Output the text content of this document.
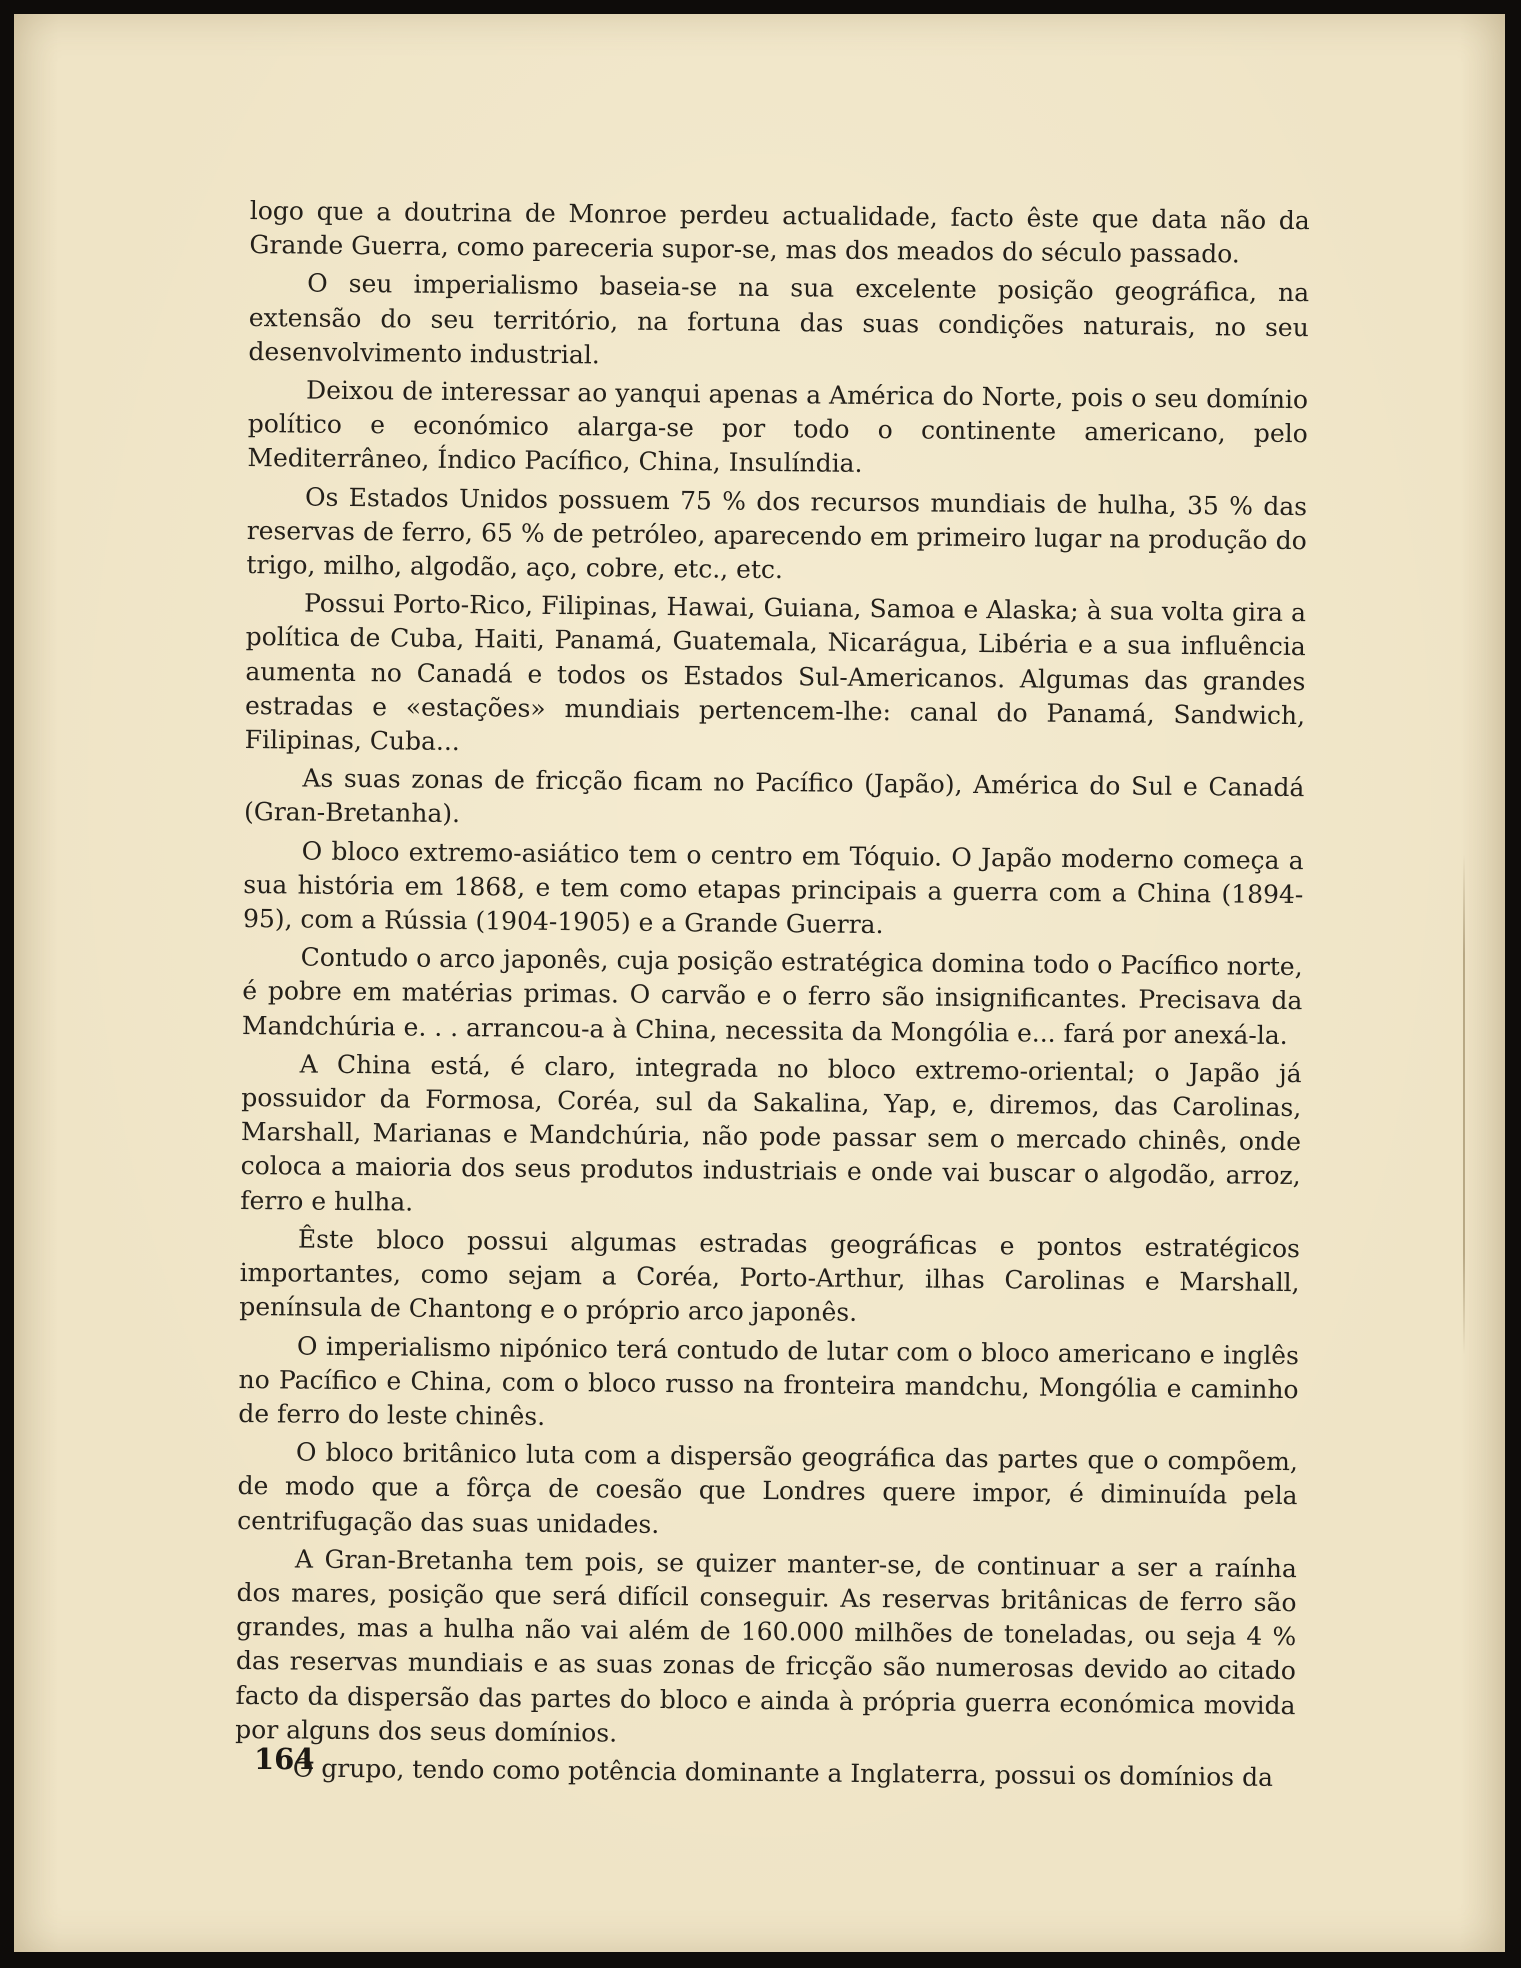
logo que a doutrina de Monroe perdeu actualidade, facto êste que data não da Grande Guerra, como pareceria supor-se, mas dos meados do século passado.

O seu imperialismo baseia-se na sua excelente posição geográfica, na extensão do seu território, na fortuna das suas condições naturais, no seu desenvolvimento industrial.

Deixou de interessar ao yanqui apenas a América do Norte, pois o seu domínio político e económico alarga-se por todo o continente americano, pelo Mediterrâneo, Índico Pacífico, China, Insulíndia.

Os Estados Unidos possuem 75 % dos recursos mundiais de hulha, 35 % das reservas de ferro, 65 % de petróleo, aparecendo em primeiro lugar na produção do trigo, milho, algodão, aço, cobre, etc., etc.

Possui Porto-Rico, Filipinas, Hawai, Guiana, Samoa e Alaska; à sua volta gira a política de Cuba, Haiti, Panamá, Guatemala, Nicarágua, Libéria e a sua influência aumenta no Canadá e todos os Estados Sul-Americanos. Algumas das grandes estradas e «estações» mundiais pertencem-lhe: canal do Panamá, Sandwich, Filipinas, Cuba...

As suas zonas de fricção ficam no Pacífico (Japão), América do Sul e Canadá (Gran-Bretanha).

O bloco extremo-asiático tem o centro em Tóquio. O Japão moderno começa a sua história em 1868, e tem como etapas principais a guerra com a China (1894-95), com a Rússia (1904-1905) e a Grande Guerra.

Contudo o arco japonês, cuja posição estratégica domina todo o Pacífico norte, é pobre em matérias primas. O carvão e o ferro são insignificantes. Precisava da Mandchúria e. . . arrancou-a à China, necessita da Mongólia e... fará por anexá-la.

A China está, é claro, integrada no bloco extremo-oriental; o Japão já possuidor da Formosa, Coréa, sul da Sakalina, Yap, e, diremos, das Carolinas, Marshall, Marianas e Mandchúria, não pode passar sem o mercado chinês, onde coloca a maioria dos seus produtos industriais e onde vai buscar o algodão, arroz, ferro e hulha.

Êste bloco possui algumas estradas geográficas e pontos estratégicos importantes, como sejam a Coréa, Porto-Arthur, ilhas Carolinas e Marshall, península de Chantong e o próprio arco japonês.

O imperialismo nipónico terá contudo de lutar com o bloco americano e inglês no Pacífico e China, com o bloco russo na fronteira mandchu, Mongólia e caminho de ferro do leste chinês.

O bloco britânico luta com a dispersão geográfica das partes que o compõem, de modo que a fôrça de coesão que Londres quere impor, é diminuída pela centrifugação das suas unidades.

A Gran-Bretanha tem pois, se quizer manter-se, de continuar a ser a raínha dos mares, posição que será difícil conseguir. As reservas britânicas de ferro são grandes, mas a hulha não vai além de 160.000 milhões de toneladas, ou seja 4 % das reservas mundiais e as suas zonas de fricção são numerosas devido ao citado facto da dispersão das partes do bloco e ainda à própria guerra económica movida por alguns dos seus domínios.

O grupo, tendo como potência dominante a Inglaterra, possui os domínios da

164
